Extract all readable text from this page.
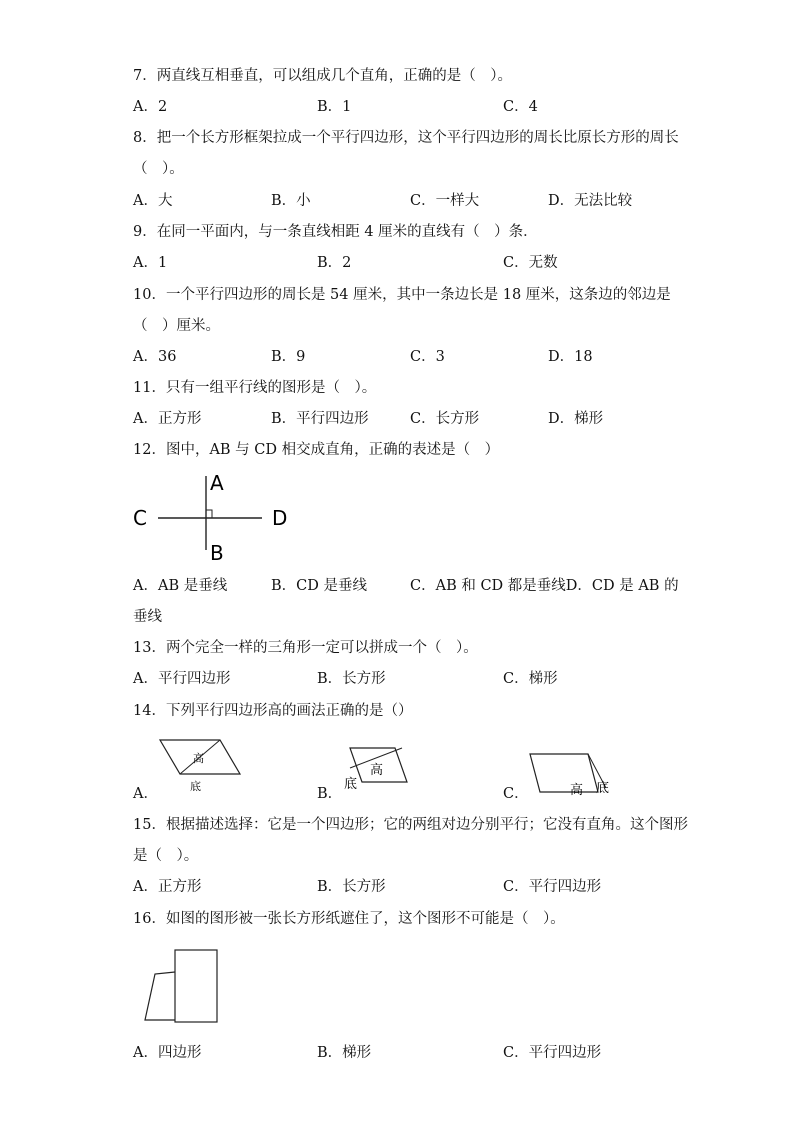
7．两直线互相垂直，可以组成几个直角，正确的是（　）。
A．2	B．1	C．4
8．把一个长方形框架拉成一个平行四边形，这个平行四边形的周长比原长方形的周长
（　）。
A．大	B．小	C．一样大	D．无法比较
9．在同一平面内，与一条直线相距 4 厘米的直线有（　）条．
A．1	B．2	C．无数
10．一个平行四边形的周长是 54 厘米，其中一条边长是 18 厘米，这条边的邻边是
（　）厘米。
A．36	B．9	C．3	D．18
11．只有一组平行线的图形是（　）。
A．正方形	B．平行四边形	C．长方形	D．梯形
12．图中，AB 与 CD 相交成直角，正确的表述是（　）
A
B
C	D
A．AB 是垂线	B．CD 是垂线	C．AB 和 CD 都是垂线D．CD 是 AB 的
垂线
13．两个完全一样的三角形一定可以拼成一个（　）。
A．平行四边形	B．长方形	C．梯形
14．下列平行四边形高的画法正确的是（）
A．	B．	C．
高
底
高
底	高 底
15．根据描述选择：它是一个四边形；它的两组对边分别平行；它没有直角。这个图形
是（　）。
A．正方形	B．长方形	C．平行四边形
16．如图的图形被一张长方形纸遮住了，这个图形不可能是（　）。
A．四边形	B．梯形	C．平行四边形
